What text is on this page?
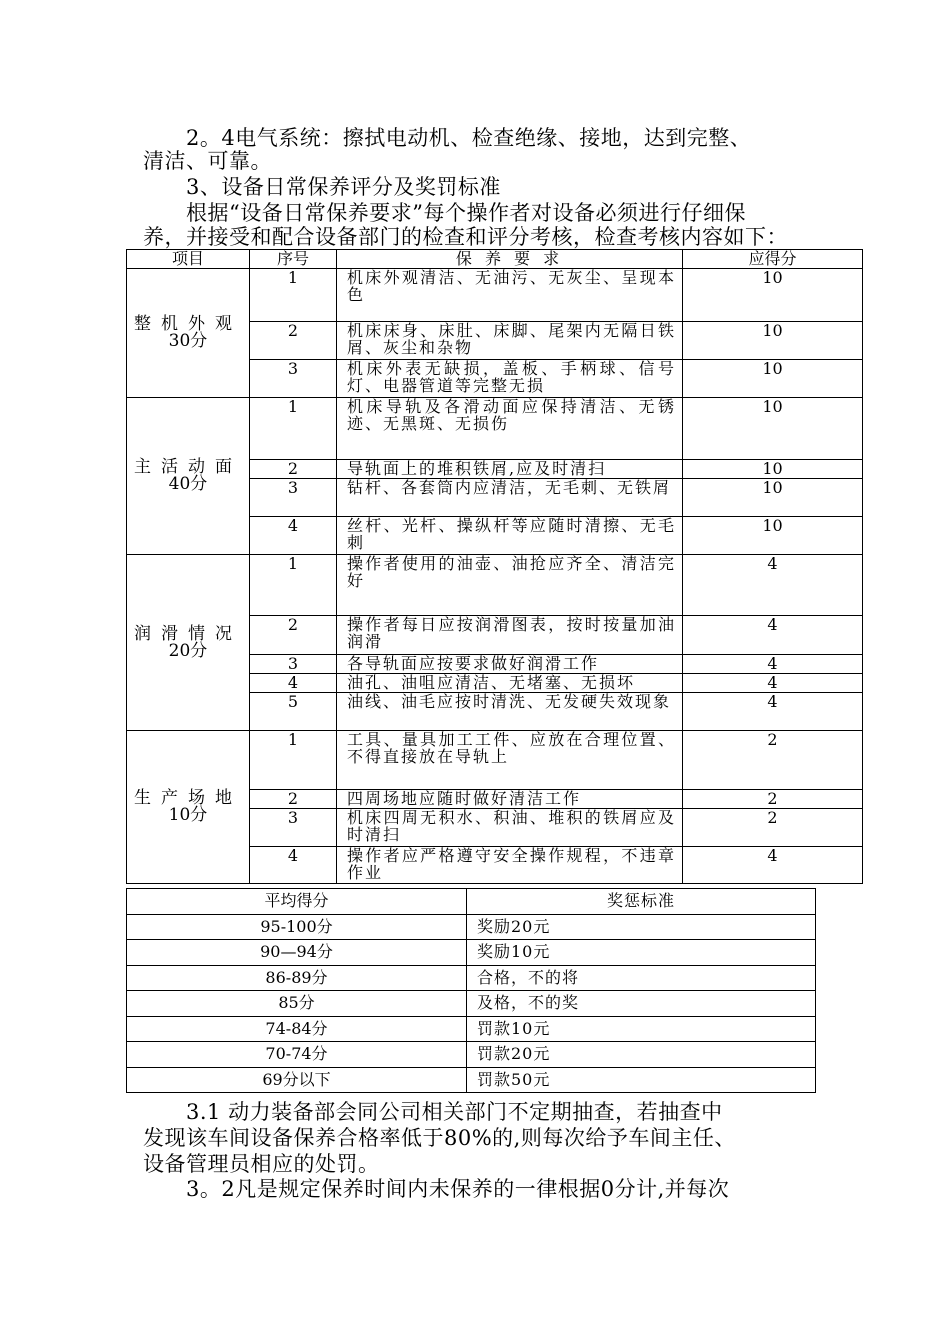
　　2。4电气系统：擦拭电动机、检查绝缘、接地，达到完整、
清洁、可靠。
　　3、设备日常保养评分及奖罚标准
　　根据“设备日常保养要求”每个操作者对设备必须进行仔细保
养，并接受和配合设备部门的检查和评分考核，检查考核内容如下：
项目	序号	保 养 要 求	应得分
整机外观
30分	1	机床外观清洁、无油污、无灰尘、呈现本色	10
	2	机床床身、床肚、床脚、尾架内无隔日铁屑、灰尘和杂物	10
	3	机床外表无缺损，盖板、手柄球、信号灯、电器管道等完整无损	10
主活动面
40分	1	机床导轨及各滑动面应保持清洁、无锈迹、无黑斑、无损伤	10
	2	导轨面上的堆积铁屑,应及时清扫	10
	3	钻杆、各套筒内应清洁，无毛刺、无铁屑	10
	4	丝杆、光杆、操纵杆等应随时清擦、无毛刺	10
润滑情况
20分	1	操作者使用的油壶、油抢应齐全、清洁完好	4
	2	操作者每日应按润滑图表，按时按量加油润滑	4
	3	各导轨面应按要求做好润滑工作	4
	4	油孔、油咀应清洁、无堵塞、无损坏	4
	5	油线、油毛应按时清洗、无发硬失效现象	4
生产场地
10分	1	工具、量具加工工件、应放在合理位置、不得直接放在导轨上	2
	2	四周场地应随时做好清洁工作	2
	3	机床四周无积水、积油、堆积的铁屑应及时清扫	2
	4	操作者应严格遵守安全操作规程，不违章作业	4
平均得分	奖惩标准
95-100分	奖励20元
90—94分	奖励10元
86-89分	合格，不的将
85分	及格，不的奖
74-84分	罚款10元
70-74分	罚款20元
69分以下	罚款50元
　　3.1 动力装备部会同公司相关部门不定期抽查，若抽查中
发现该车间设备保养合格率低于80%的,则每次给予车间主任、
设备管理员相应的处罚。
　　3。2凡是规定保养时间内未保养的一律根据0分计,并每次
